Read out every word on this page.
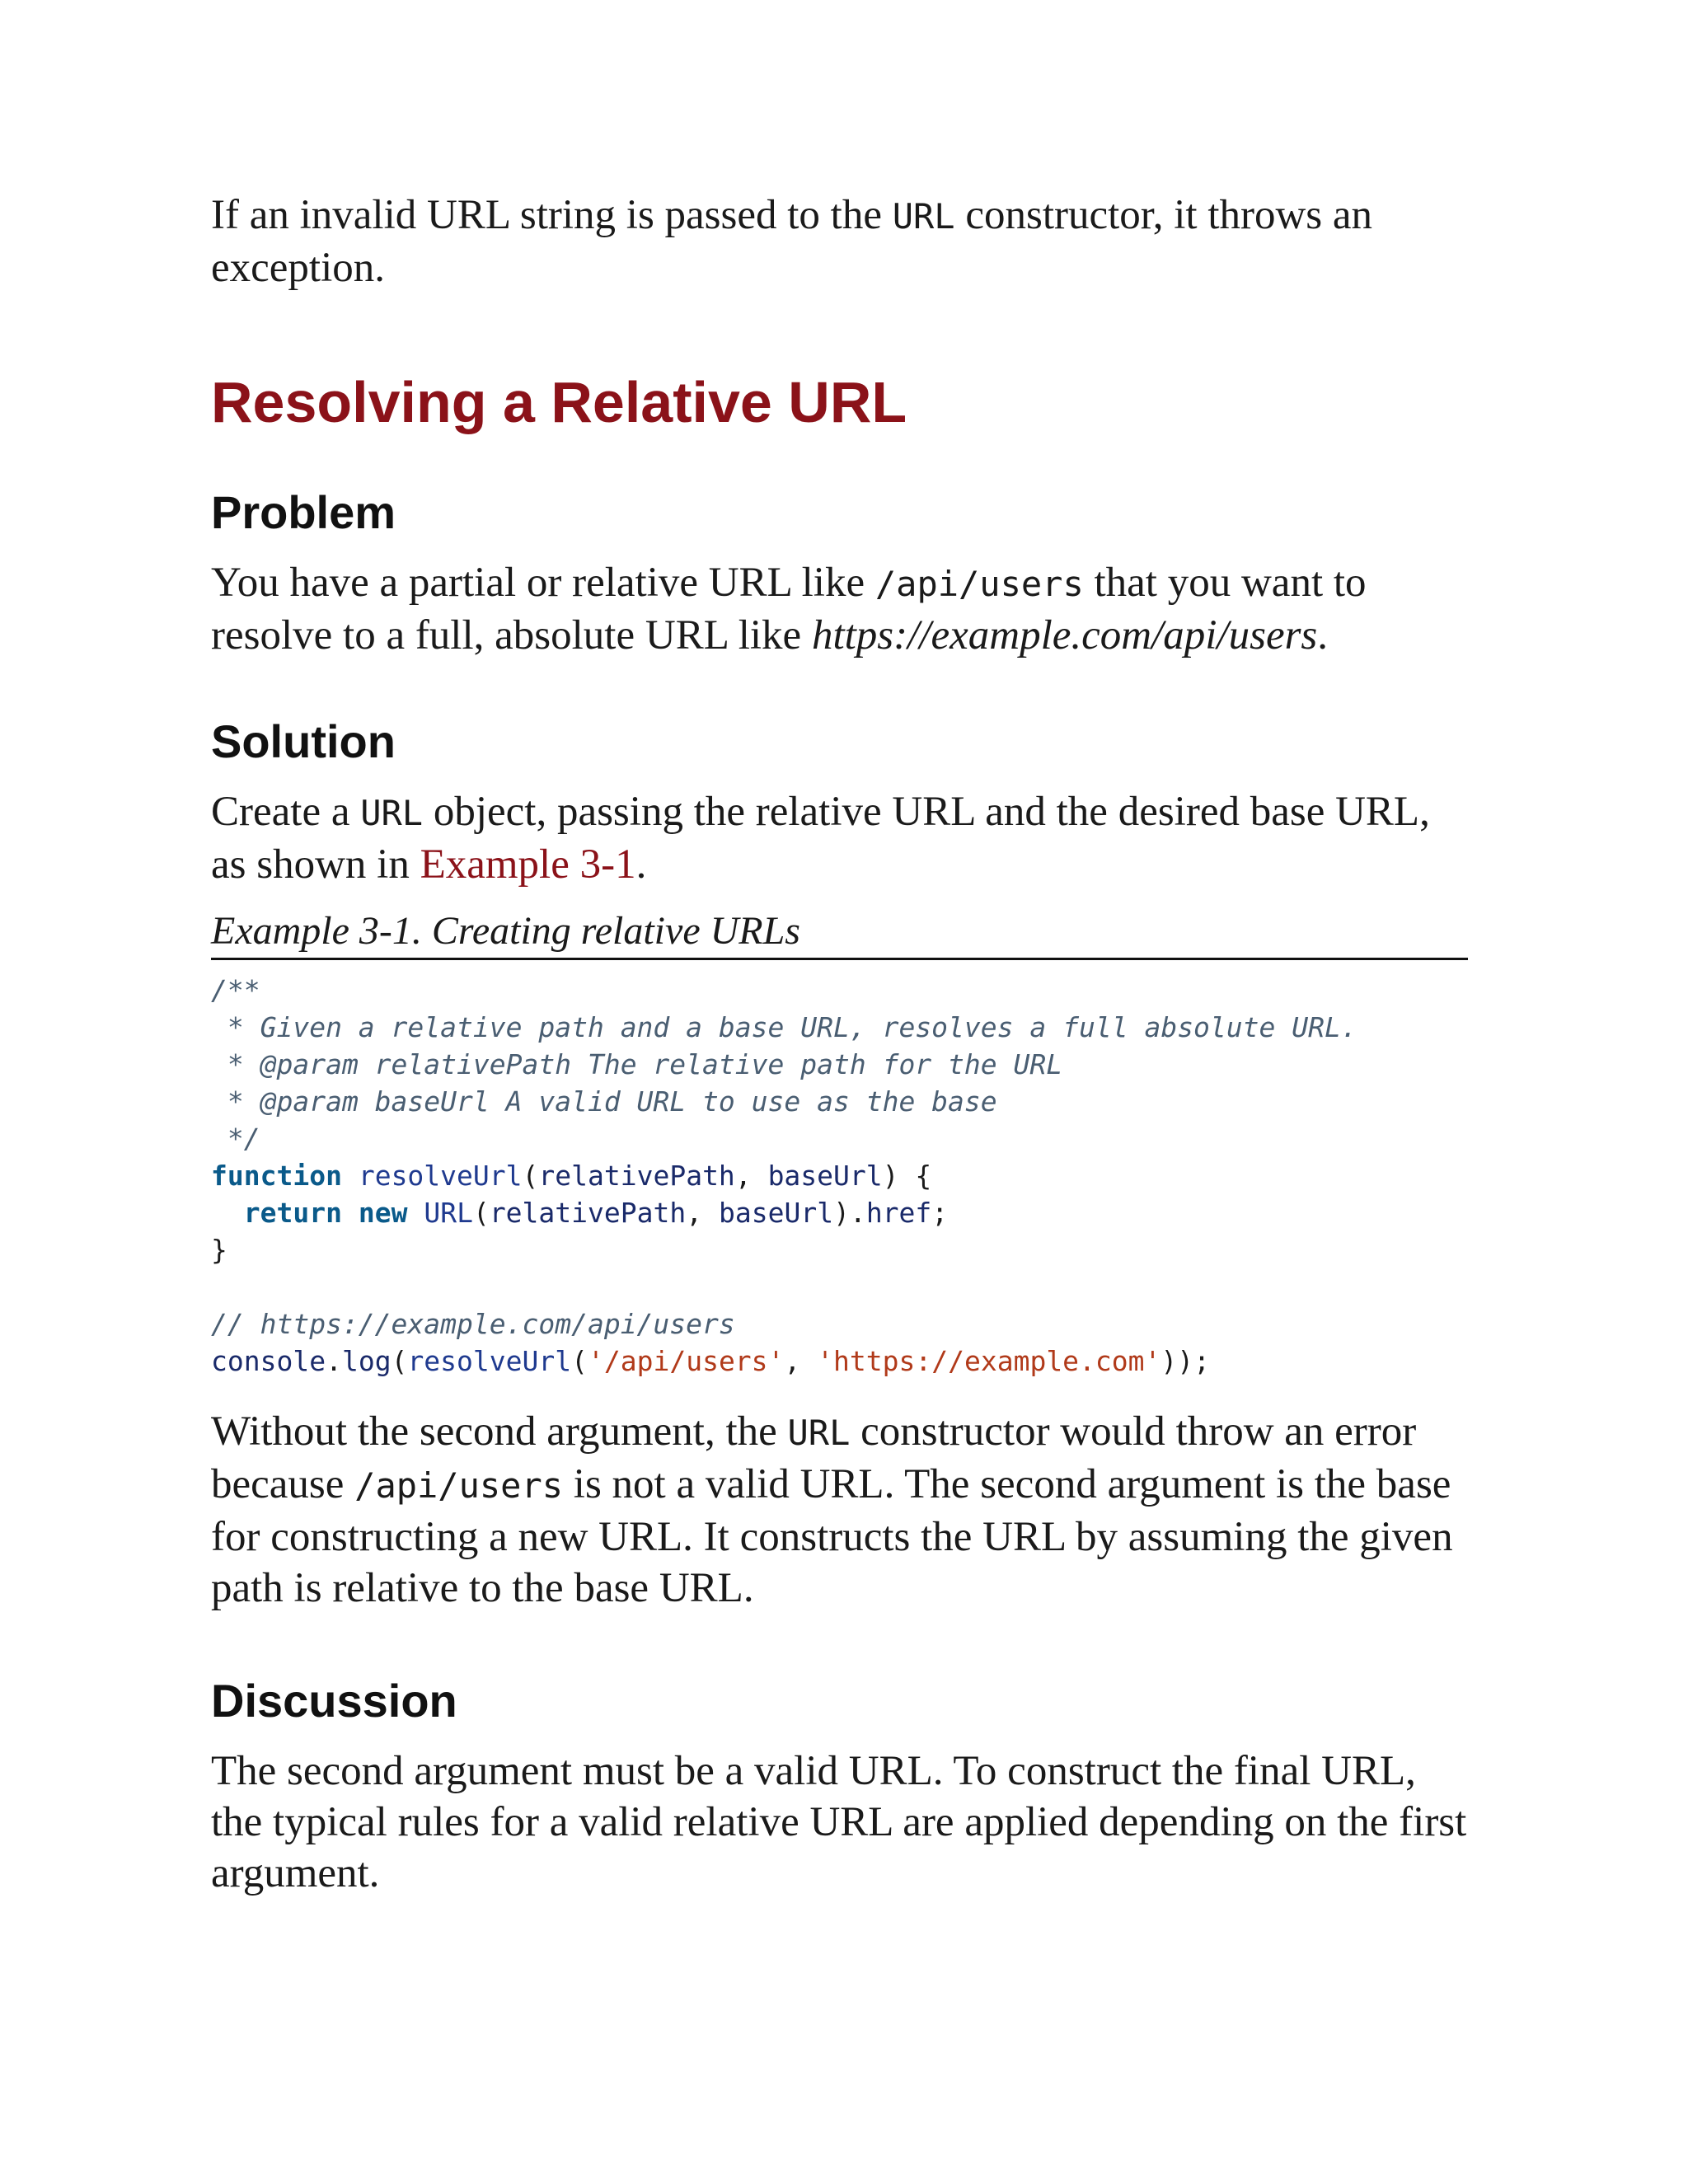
If an invalid URL string is passed to the URL constructor, it throws an exception.

Resolving a Relative URL
Problem

You have a partial or relative URL like /api/users that you want to resolve to a full, absolute URL like https://example.com/api/users.

Solution

Create a URL object, passing the relative URL and the desired base URL, as shown in Example 3-1.

Example 3-1. Creating relative URLs

/**
* Given a relative path and a base URL, resolves a full absolute URL.
* @param relativePath The relative path for the URL
* @param baseUrl A valid URL to use as the base
*/
function resolveUrl(relativePath, baseUrl) {
return new URL(relativePath, baseUrl).href;
}

// https://example.com/api/users
console.log(resolveUrl('/api/users', 'https://example.com'));

Without the second argument, the URL constructor would throw an error because /api/users is not a valid URL. The second argument is the base for constructing a new URL. It constructs the URL by assuming the given path is relative to the base URL.

Discussion

The second argument must be a valid URL. To construct the final URL, the typical rules for a valid relative URL are applied depending on the first argument.
